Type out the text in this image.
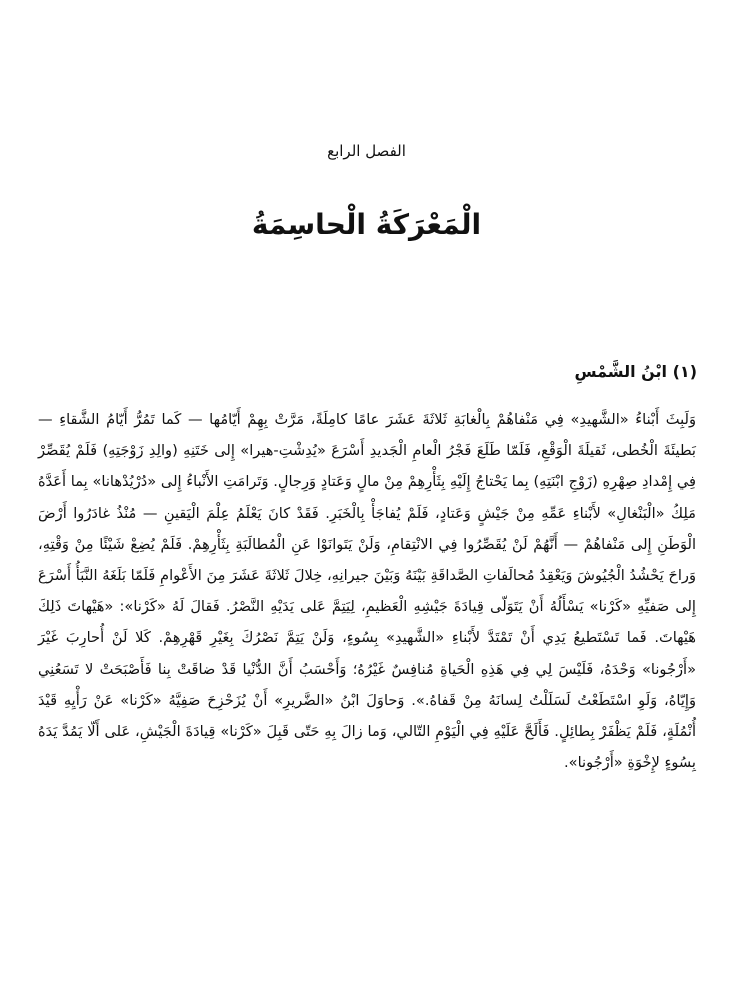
الفصل الرابع
الْمَعْرَكَةُ الْحاسِمَةُ
(١) ابْنُ الشَّمْسِ

وَلَبِثَ أَبْناءُ «الشَّهيدِ» فِي مَنْفاهُمْ بِالْغابَةِ ثَلاثَةَ عَشَرَ عامًا كامِلَةً، مَرَّتْ بِهِمْ أَيّامُها — كَما تَمُرُّ أَيّامُ الشَّقاءِ — بَطيئَةَ الْخُطى، ثَقيلَةَ الْوَقْعِ، فَلَمّا طَلَعَ فَجْرُ الْعامِ الْجَديدِ أَسْرَعَ «يُدِشْتِ-هيرا» إِلى خَتَنِهِ (والِدِ زَوْجَتِهِ) فَلَمْ يُقَصِّرْ فِي إِمْدادِ صِهْرِهِ (زَوْجِ ابْنَتِهِ) بِما يَحْتاجُ إِلَيْهِ بِثَأْرِهِمْ مِنْ مالٍ وَعَتادٍ وَرِجالٍ. وَتَرامَتِ الأَنْباءُ إِلى «دُرْيُدْهانا» بِما أَعَدَّهُ مَلِكُ «الْبَنْغالِ» لأَبْناءِ عَمِّهِ مِنْ جَيْشٍ وَعَتادٍ، فَلَمْ يُفاجَأْ بِالْخَبَرِ. فَقَدْ كانَ يَعْلَمُ عِلْمَ الْيَقينِ — مُنْذُ غادَرُوا أَرْضَ الْوَطَنِ إِلى مَنْفاهُمْ — أَنَّهُمْ لَنْ يُقَصِّرُوا فِي الانْتِقامِ، وَلَنْ يَتَوانَوْا عَنِ الْمُطالَبَةِ بِثَأْرِهِمْ. فَلَمْ يُضِعْ شَيْئًا مِنْ وَقْتِهِ، وَراحَ يَحْشُدُ الْجُيُوشَ وَيَعْقِدُ مُحالَفاتِ الصَّداقَةِ بَيْنَهُ وَبَيْنَ جيرانِهِ، خِلالَ ثَلاثَةَ عَشَرَ مِنَ الأَعْوامِ فَلَمّا بَلَغَهُ النَّبَأُ أَسْرَعَ إِلى صَفيِّهِ «كَرْنا» يَسْأَلُهُ أَنْ يَتَوَلّى قِيادَةَ جَيْشِهِ الْعَظيمِ، لِيَتِمَّ عَلى يَدَيْهِ النَّصْرُ. فَقالَ لَهُ «كَرْنا»: «هَيْهاتَ ذَلِكَ هَيْهاتَ. فَما تَسْتَطيعُ يَدِي أَنْ تَمْتَدَّ لأَبْناءِ «الشَّهيدِ» بِسُوءٍ، وَلَنْ يَتِمَّ نَصْرُكَ بِغَيْرِ قَهْرِهِمْ. كَلا لَنْ أُحارِبَ غَيْرَ «أَرْجُونا» وَحْدَهُ، فَلَيْسَ لِي فِي هَذِهِ الْحَياةِ مُنافِسٌ غَيْرُهُ؛ وَأَحْسَبُ أَنَّ الدُّنْيا قَدْ ضاقَتْ بِنا فَأَصْبَحَتْ لا تَسَعُنِي وَإِيّاهُ، وَلَوِ اسْتَطَعْتُ لَسَلَلْتُ لِسانَهُ مِنْ قَفاهُ.». وَحاوَلَ ابْنُ «الضَّريرِ» أَنْ يُزَحْزِحَ صَفِيَّهُ «كَرْنا» عَنْ رَأْيِهِ قَيْدَ أُنْمُلَةٍ، فَلَمْ يَظْفَرْ بِطائِلٍ. فَأَلَحَّ عَلَيْهِ فِي الْيَوْمِ التّالي، وَما زالَ بِهِ حَتّى قَبِلَ «كَرْنا» قِيادَةَ الْجَيْشِ، عَلى أَلّا يَمُدَّ يَدَهُ بِسُوءٍ لإِخْوَةِ «أَرْجُونا».
